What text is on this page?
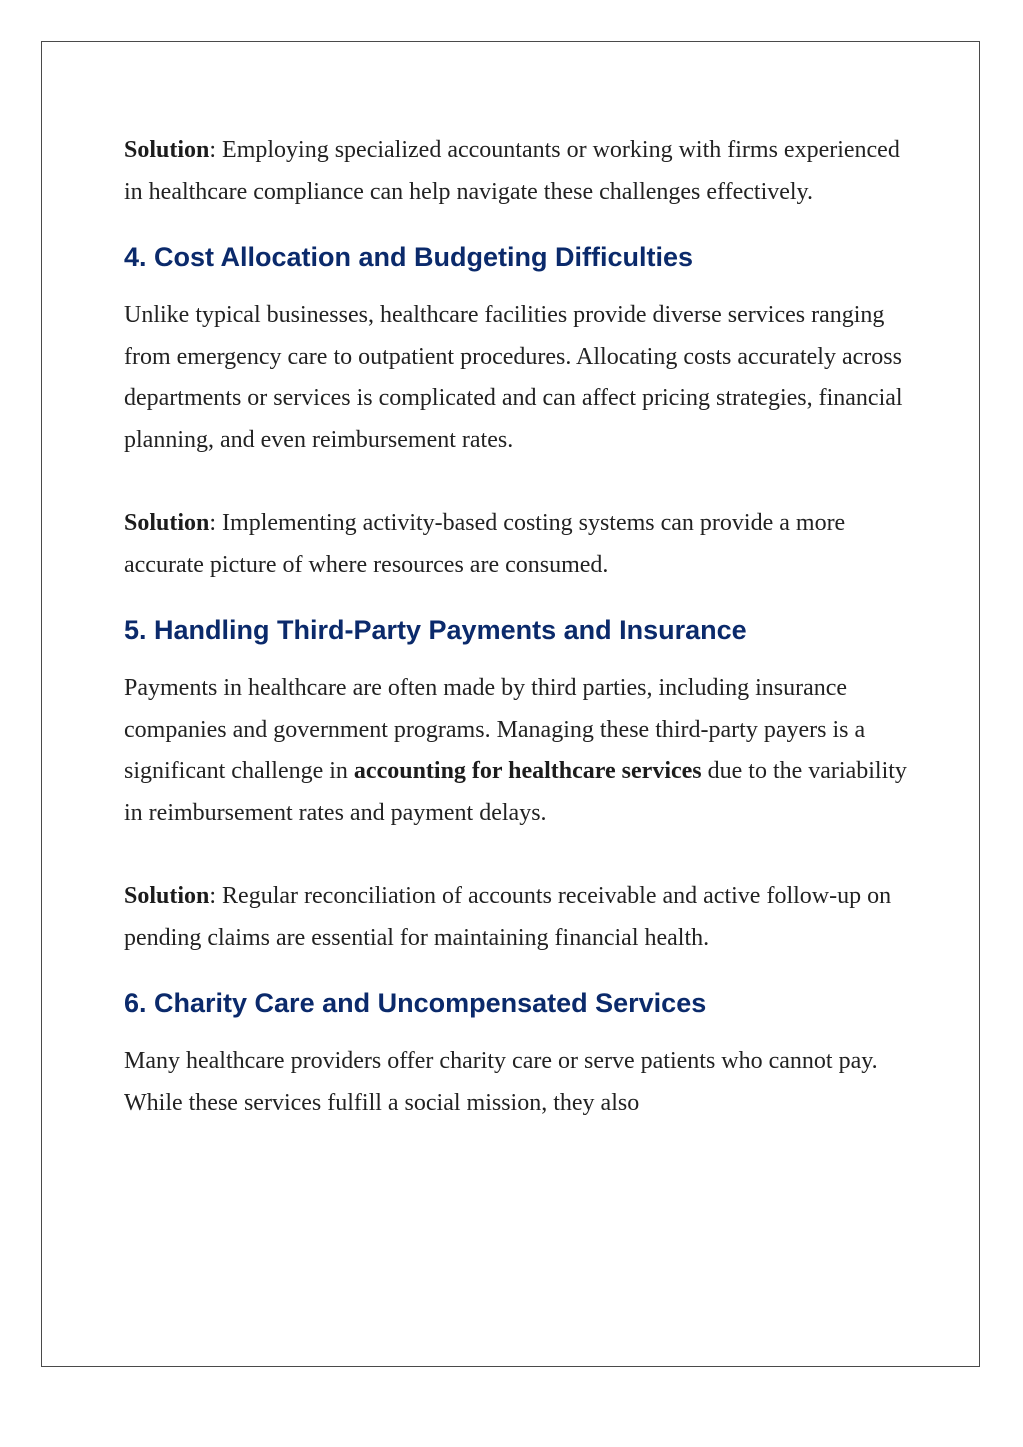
Solution: Employing specialized accountants or working with firms experienced in healthcare compliance can help navigate these challenges effectively.

4. Cost Allocation and Budgeting Difficulties

Unlike typical businesses, healthcare facilities provide diverse services ranging from emergency care to outpatient procedures. Allocating costs accurately across departments or services is complicated and can affect pricing strategies, financial planning, and even reimbursement rates.

Solution: Implementing activity-based costing systems can provide a more accurate picture of where resources are consumed.

5. Handling Third-Party Payments and Insurance

Payments in healthcare are often made by third parties, including insurance companies and government programs. Managing these third-party payers is a significant challenge in accounting for healthcare services due to the variability in reimbursement rates and payment delays.

Solution: Regular reconciliation of accounts receivable and active follow-up on pending claims are essential for maintaining financial health.

6. Charity Care and Uncompensated Services

Many healthcare providers offer charity care or serve patients who cannot pay. While these services fulfill a social mission, they also
